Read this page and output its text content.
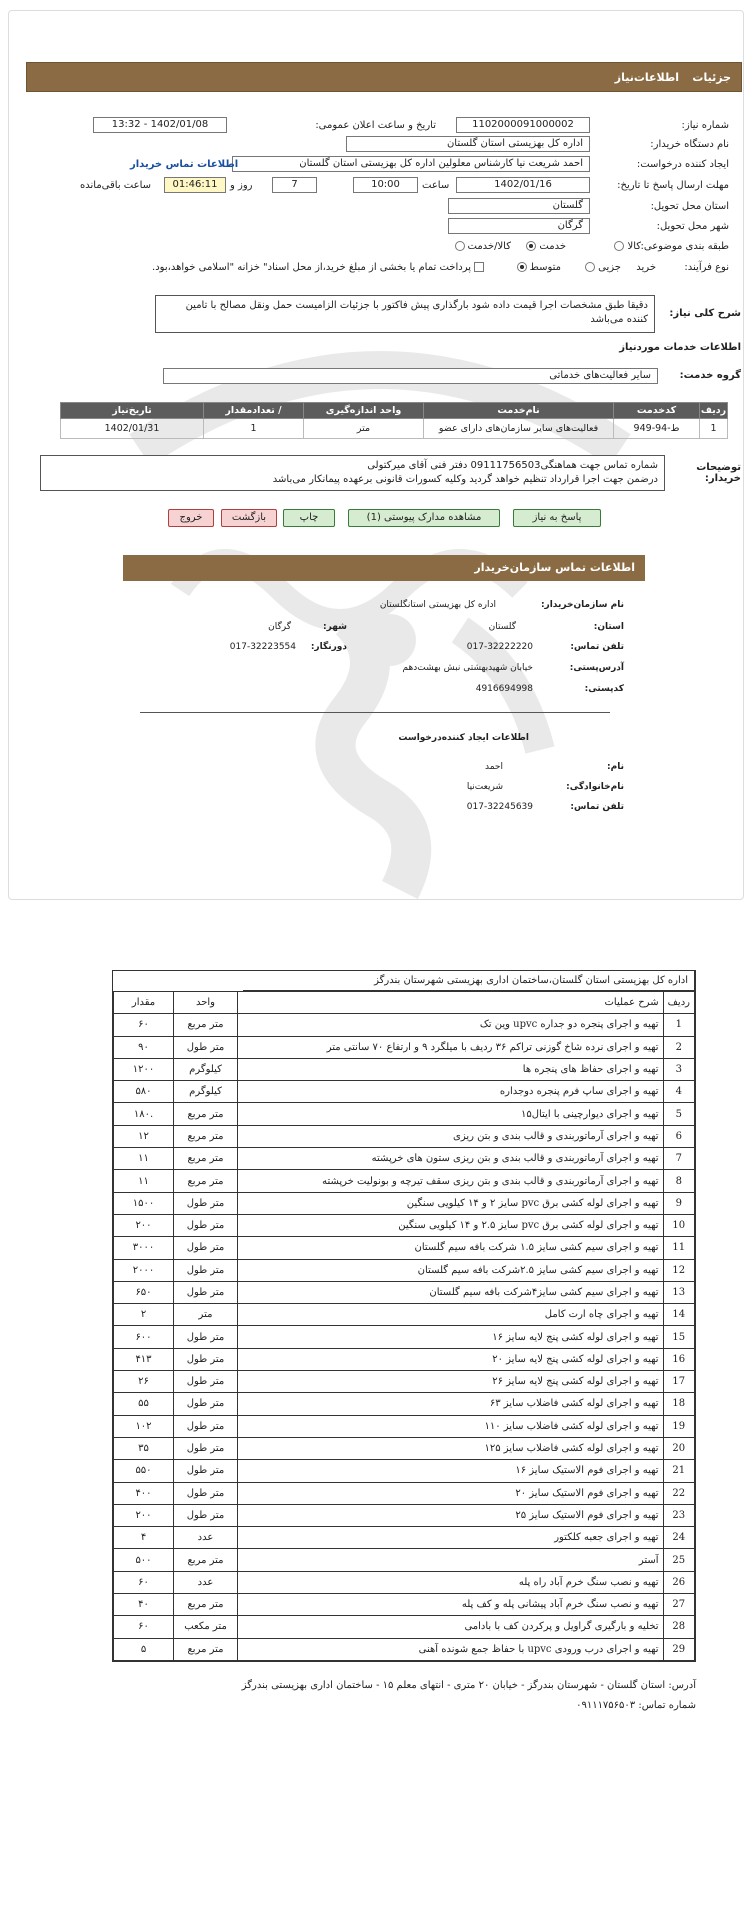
جزئیات
اطلاعات‌نیاز
شماره نیاز:
1102000091000002
تاریخ و ساعت اعلان عمومی:
1402/01/08 - 13:32
نام دستگاه خریدار:
اداره کل بهزیستی استان گلستان
ایجاد کننده درخواست:
احمد شریعت نیا کارشناس معلولین اداره کل بهزیستی استان گلستان
اطلاعات تماس خریدار
مهلت ارسال پاسخ تا تاریخ:
1402/01/16
ساعت
10:00
7
روز و
01:46:11
ساعت باقی‌مانده
استان محل تحویل:
گلستان
شهر محل تحویل:
گرگان
طبقه بندی موضوعی:
کالا
خدمت
کالا/خدمت
نوع فرآیند:
خرید
جزیی
متوسط
پرداخت تمام یا بخشی از مبلغ خرید،از محل اسناد" خزانه "اسلامی خواهد،بود.
شرح کلی نیاز:
دقیقا طبق مشخصات اجرا قیمت داده شود بارگذاری پیش فاکتور با جزئیات الزامیست حمل ونقل مصالح با تامین کننده می‌باشد
اطلاعات خدمات موردنیاز
گروه خدمت:
سایر فعالیت‌های خدماتی
ردیف	کدخدمت	نام‌خدمت	واحد اندازه‌گیری	/ تعدادمقدار	تاریخ‌نیاز
1	ط-94-949	فعالیت‌های سایر سازمان‌های دارای عضو	متر	1	1402/01/31
توضیحات خریدار:
شماره تماس جهت هماهنگی09111756503 دفتر فنی آقای میرکتولی
درضمن جهت اجرا قرارداد تنظیم خواهد گردید وکلیه کسورات قانونی برعهده پیمانکار می‌باشد
پاسخ به نیاز
مشاهده مدارک پیوستی (1)
چاپ
بازگشت
خروج
اطلاعات تماس سازمان‌خریدار
نام سازمان‌خریدار:
اداره کل بهزیستی استانگلستان
استان:
گلستان
شهر:
گرگان
تلفن تماس:
017-32222220
دورنگار:
017-32223554
آدرس‌پستی:
خیابان شهید‌بهشتی نبش بهشت‌دهم
کدپستی:
4916694998
اطلاعات ایجاد کننده‌درخواست
نام:
احمد
نام‌خانوادگی:
شریعت‌نیا
تلفن تماس:
017-32245639
اداره کل بهزیستی استان گلستان،ساختمان اداری بهزیستی شهرستان بندرگز
ردیف	شرح عملیات	واحد	مقدار
1	تهیه و اجرای پنجره دو جداره upvc وین تک	متر مربع	۶۰
2	تهیه و اجرای نرده شاخ گوزنی تراکم ۳۶ ردیف با میلگرد ۹ و ارتفاع ۷۰ سانتی متر	متر طول	۹۰
3	تهیه و اجرای حفاظ های پنجره ها	کیلوگرم	۱۲۰۰
4	تهیه و اجرای ساپ فرم پنجره دوجداره	کیلوگرم	۵۸۰
5	تهیه و اجرای دیوارچینی با ایتال۱۵	متر مربع	.۱۸۰
6	تهیه و اجرای آرماتوربندی و قالب بندی و بتن ریزی	متر مربع	۱۲
7	تهیه و اجرای آرماتوربندی و قالب بندی و بتن ریزی ستون های خرپشته	متر مربع	۱۱
8	تهیه و اجرای آرماتوربندی و قالب بندی و بتن ریزی سقف تیرچه و بونولیت خرپشته	متر مربع	۱۱
9	تهیه و اجرای لوله کشی برق pvc سایز ۲ و ۱۴ کیلویی سنگین	متر طول	۱۵۰۰
10	تهیه و اجرای لوله کشی برق pvc سایز ۲.۵ و ۱۴ کیلویی سنگین	متر طول	۲۰۰
11	تهیه و اجرای سیم کشی سایز ۱.۵ شرکت بافه سیم گلستان	متر طول	۳۰۰۰
12	تهیه و اجرای سیم کشی سایز ۲.۵شرکت بافه سیم گلستان	متر طول	۲۰۰۰
13	تهیه و اجرای سیم کشی سایز۴شرکت بافه سیم گلستان	متر طول	۶۵۰
14	تهیه و اجرای چاه ارت کامل	متر	۲
15	تهیه و اجرای لوله کشی پنج لایه سایز ۱۶	متر طول	۶۰۰
16	تهیه و اجرای لوله کشی پنج لایه سایز ۲۰	متر طول	۴۱۳
17	تهیه و اجرای لوله کشی پنج لایه سایز ۲۶	متر طول	۲۶
18	تهیه و اجرای لوله کشی فاضلاب سایز ۶۳	متر طول	۵۵
19	تهیه و اجرای لوله کشی فاضلاب سایز ۱۱۰	متر طول	۱۰۲
20	تهیه و اجرای لوله کشی فاضلاب سایز ۱۲۵	متر طول	۳۵
21	تهیه و اجرای فوم الاستیک سایز ۱۶	متر طول	۵۵۰
22	تهیه و اجرای فوم الاستیک سایز ۲۰	متر طول	۴۰۰
23	تهیه و اجرای فوم الاستیک سایز ۲۵	متر طول	۲۰۰
24	تهیه و اجرای جعبه کلکتور	عدد	۴
25	آستر	متر مربع	۵۰۰
26	تهیه و نصب سنگ خرم آباد راه پله	عدد	۶۰
27	تهیه و نصب سنگ خرم آباد پیشانی پله و کف پله	متر مربع	۴۰
28	تخلیه و بارگیری گراویل و پرکردن کف با بادامی	متر مکعب	۶۰
29	تهیه و اجرای درب ورودی upvc با حفاظ جمع شونده آهنی	متر مربع	۵
آدرس: استان گلستان - شهرستان بندرگز - خیابان ۲۰ متری - انتهای معلم ۱۵ - ساختمان اداری بهزیستی بندرگز
شماره تماس: ۰۹۱۱۱۷۵۶۵۰۳
